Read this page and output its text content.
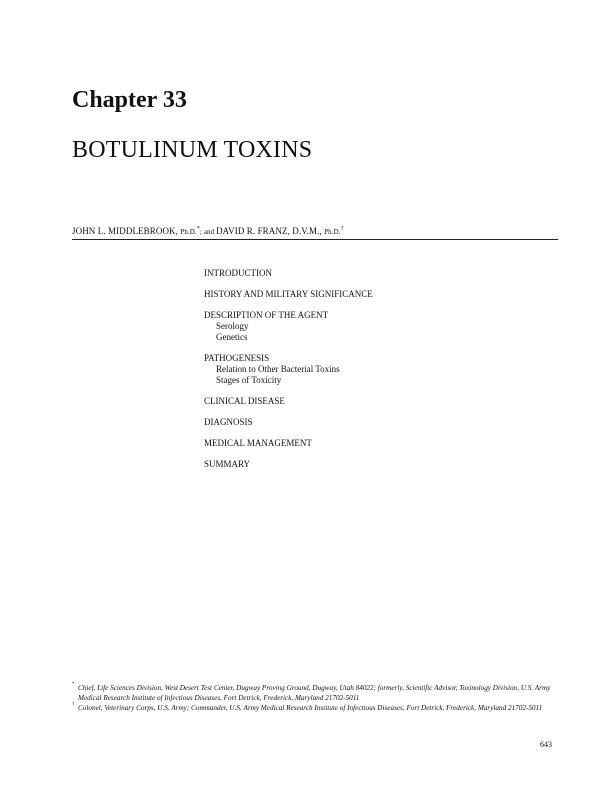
Chapter 33
BOTULINUM TOXINS
JOHN L. MIDDLEBROOK, Ph.D.*; and DAVID R. FRANZ, D.V.M., Ph.D.†
INTRODUCTION
HISTORY AND MILITARY SIGNIFICANCE
DESCRIPTION OF THE AGENT
Serology
Genetics
PATHOGENESIS
Relation to Other Bacterial Toxins
Stages of Toxicity
CLINICAL DISEASE
DIAGNOSIS
MEDICAL MANAGEMENT
SUMMARY
* Chief, Life Sciences Division, West Desert Test Center, Dugway Proving Ground, Dugway, Utah 84022; formerly, Scientific Advisor, Toxinology Division, U.S. Army Medical Research Institute of Infectious Diseases, Fort Detrick, Frederick, Maryland 21702-5011
† Colonel, Veterinary Corps, U.S. Army; Commander, U.S. Army Medical Research Institute of Infectious Diseases, Fort Detrick, Frederick, Maryland 21702-5011
643
